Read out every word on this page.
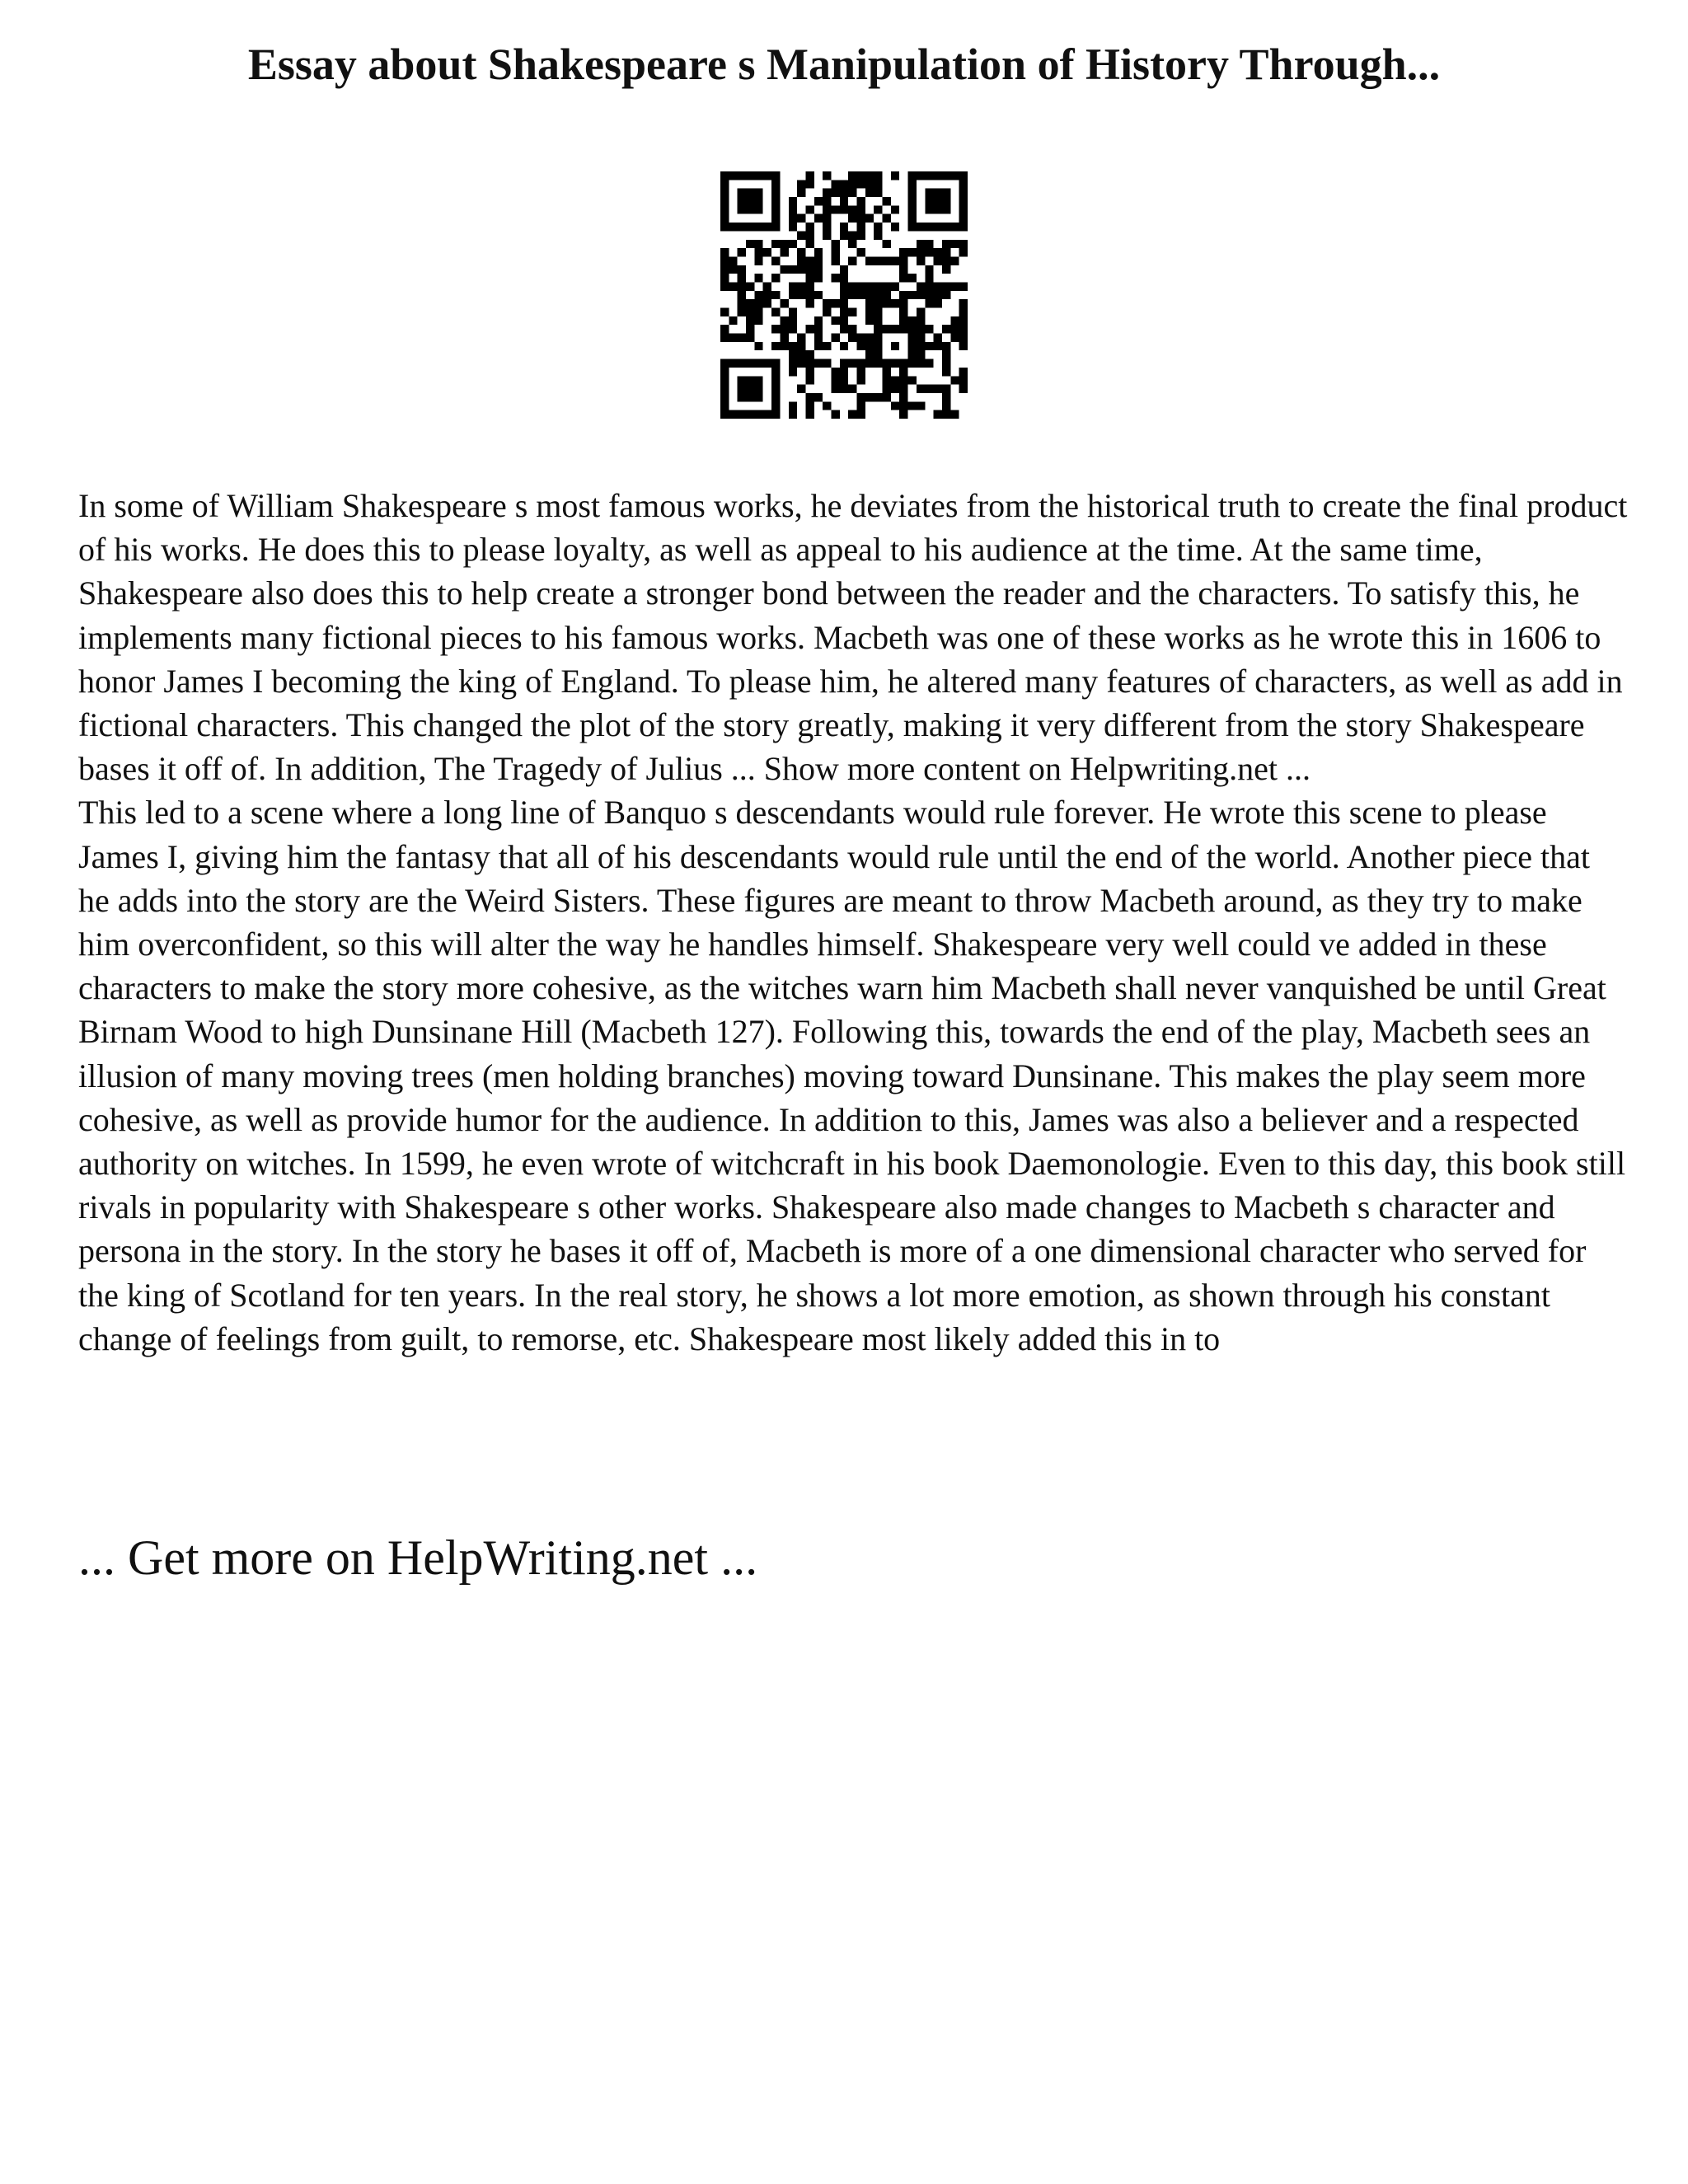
Essay about Shakespeare s Manipulation of History Through...

In some of William Shakespeare s most famous works, he deviates from the historical truth to create the final product of his works. He does this to please loyalty, as well as appeal to his audience at the time. At the same time, Shakespeare also does this to help create a stronger bond between the reader and the characters. To satisfy this, he implements many fictional pieces to his famous works. Macbeth was one of these works as he wrote this in 1606 to honor James I becoming the king of England. To please him, he altered many features of characters, as well as add in fictional characters. This changed the plot of the story greatly, making it very different from the story Shakespeare bases it off of. In addition, The Tragedy of Julius ... Show more content on Helpwriting.net ...

This led to a scene where a long line of Banquo s descendants would rule forever. He wrote this scene to please James I, giving him the fantasy that all of his descendants would rule until the end of the world. Another piece that he adds into the story are the Weird Sisters. These figures are meant to throw Macbeth around, as they try to make him overconfident, so this will alter the way he handles himself. Shakespeare very well could ve added in these characters to make the story more cohesive, as the witches warn him Macbeth shall never vanquished be until Great Birnam Wood to high Dunsinane Hill (Macbeth 127). Following this, towards the end of the play, Macbeth sees an illusion of many moving trees (men holding branches) moving toward Dunsinane. This makes the play seem more cohesive, as well as provide humor for the audience. In addition to this, James was also a believer and a respected authority on witches. In 1599, he even wrote of witchcraft in his book Daemonologie. Even to this day, this book still rivals in popularity with Shakespeare s other works. Shakespeare also made changes to Macbeth s character and persona in the story. In the story he bases it off of, Macbeth is more of a one dimensional character who served for the king of Scotland for ten years. In the real story, he shows a lot more emotion, as shown through his constant change of feelings from guilt, to remorse, etc. Shakespeare most likely added this in to

... Get more on HelpWriting.net ...
